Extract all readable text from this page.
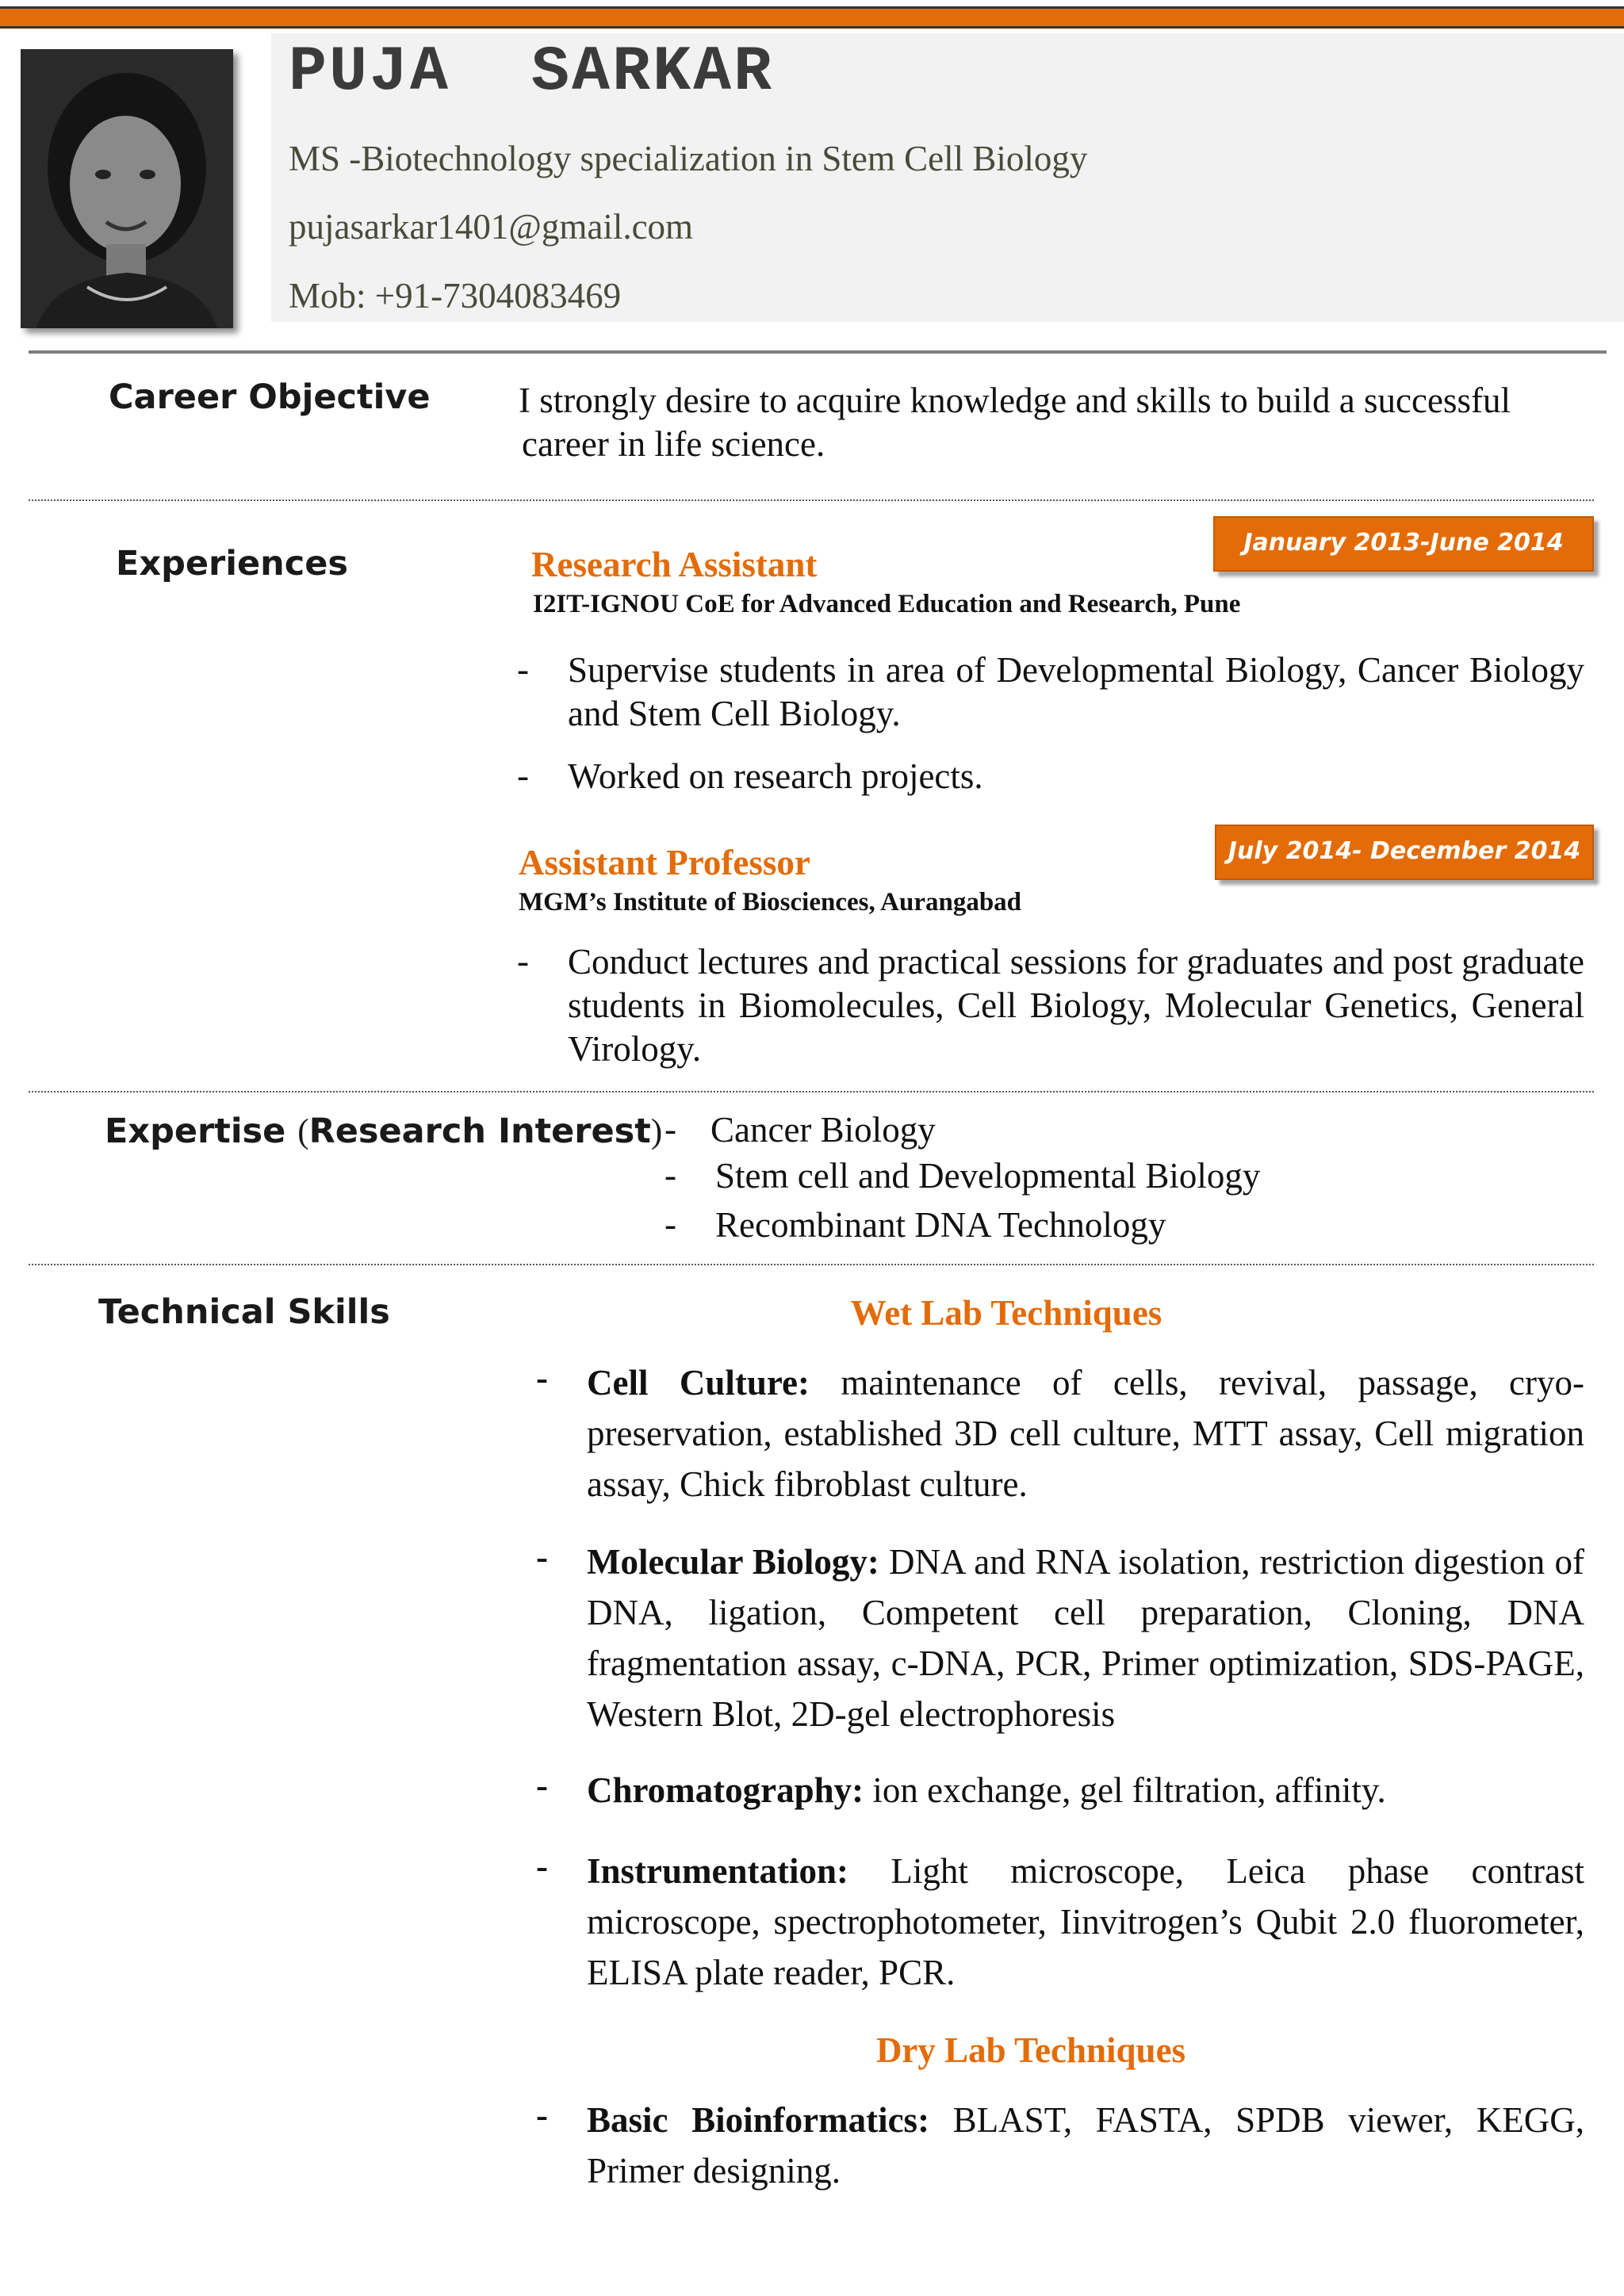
PUJA  SARKAR
MS -Biotechnology specialization in Stem Cell Biology
pujasarkar1401@gmail.com
Mob: +91-7304083469
Career Objective I strongly desire to acquire knowledge and skills to build a successful
career in life science.
Experiences
January 2013-June 2014
Research Assistant
I2IT-IGNOU CoE for Advanced Education and Research, Pune
-	Supervise students in area of Developmental Biology, Cancer Biology and Stem Cell Biology.
-	Worked on research projects.
July 2014- December 2014
Assistant Professor
MGM’s Institute of Biosciences, Aurangabad
-	Conduct lectures and practical sessions for graduates and post graduate students in Biomolecules, Cell Biology, Molecular Genetics, General Virology.
Expertise (Research Interest) - Cancer Biology
-	Stem cell and Developmental Biology
-	Recombinant DNA Technology
Technical Skills	Wet Lab Techniques
- Cell Culture: maintenance of cells, revival, passage, cryo-preservation, established 3D cell culture, MTT assay, Cell migration assay, Chick fibroblast culture.
- Molecular Biology: DNA and RNA isolation, restriction digestion of DNA, ligation, Competent cell preparation, Cloning, DNA fragmentation assay, c-DNA, PCR, Primer optimization, SDS-PAGE, Western Blot, 2D-gel electrophoresis
- Chromatography: ion exchange, gel filtration, affinity.
- Instrumentation: Light microscope, Leica phase contrast microscope, spectrophotometer, Iinvitrogen’s Qubit 2.0 fluorometer, ELISA plate reader, PCR.
Dry Lab Techniques
- Basic Bioinformatics: BLAST, FASTA, SPDB viewer, KEGG, Primer designing.
